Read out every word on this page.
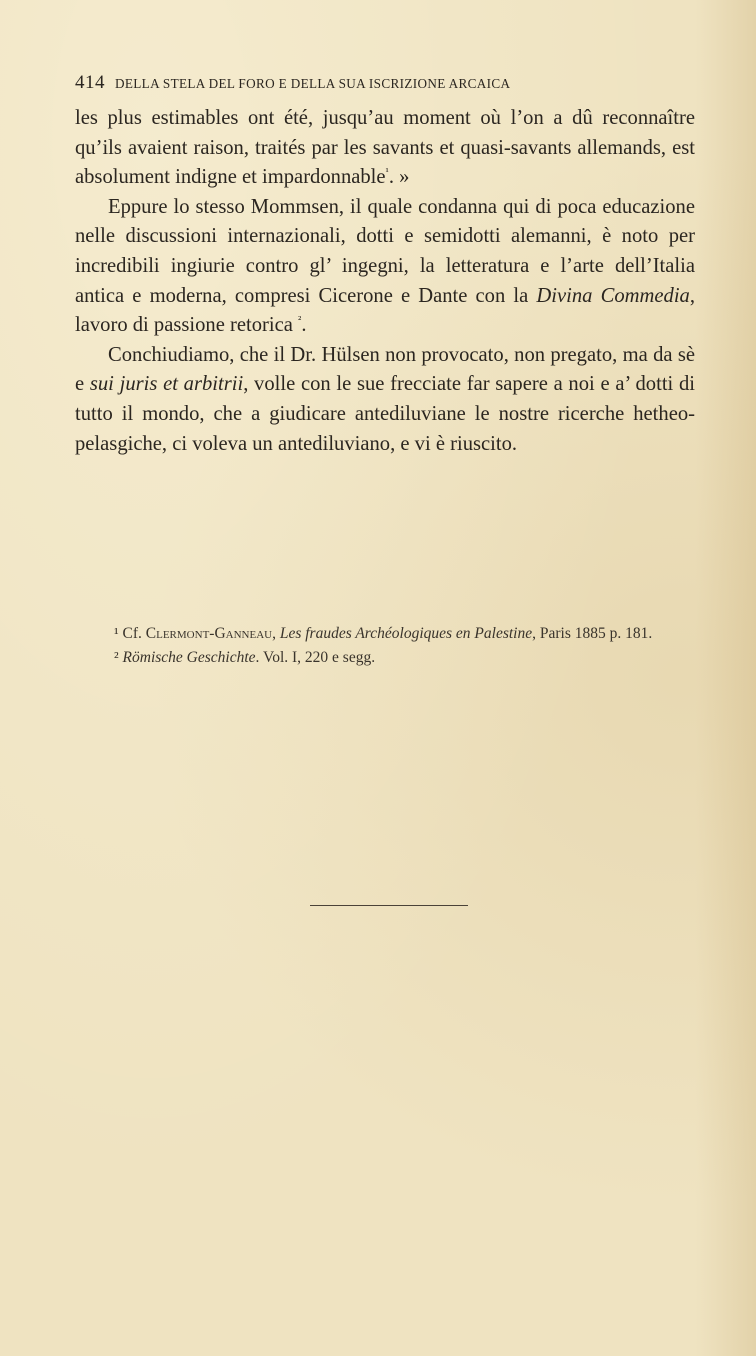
414 DELLA STELA DEL FORO E DELLA SUA ISCRIZIONE ARCAICA

les plus estimables ont été, jusqu’au moment où l’on a dû reconnaître qu’ils avaient raison, traités par les savants et quasi-savants allemands, est absolument indigne et impardonnable$^{^1}$. »

Eppure lo stesso Mommsen, il quale condanna qui di poca educazione nelle discussioni internazionali, dotti e semidotti alemanni, è noto per incredibili ingiurie contro gl’ ingegni, la letteratura e l’arte dell’Italia antica e moderna, compresi Cicerone e Dante con la Divina Commedia, lavoro di passione retorica $^{^2}$.

Conchiudiamo, che il Dr. Hülsen non provocato, non pregato, ma da sè e sui juris et arbitrii, volle con le sue frecciate far sapere a noi e a’ dotti di tutto il mondo, che a giudicare antediluviane le nostre ricerche hetheo-pelasgiche, ci voleva un antediluviano, e vi è riuscito.

¹ Cf. Clermont-Ganneau, Les fraudes Archéologiques en Palestine, Paris 1885 p. 181.

² Römische Geschichte. Vol. I, 220 e segg.
